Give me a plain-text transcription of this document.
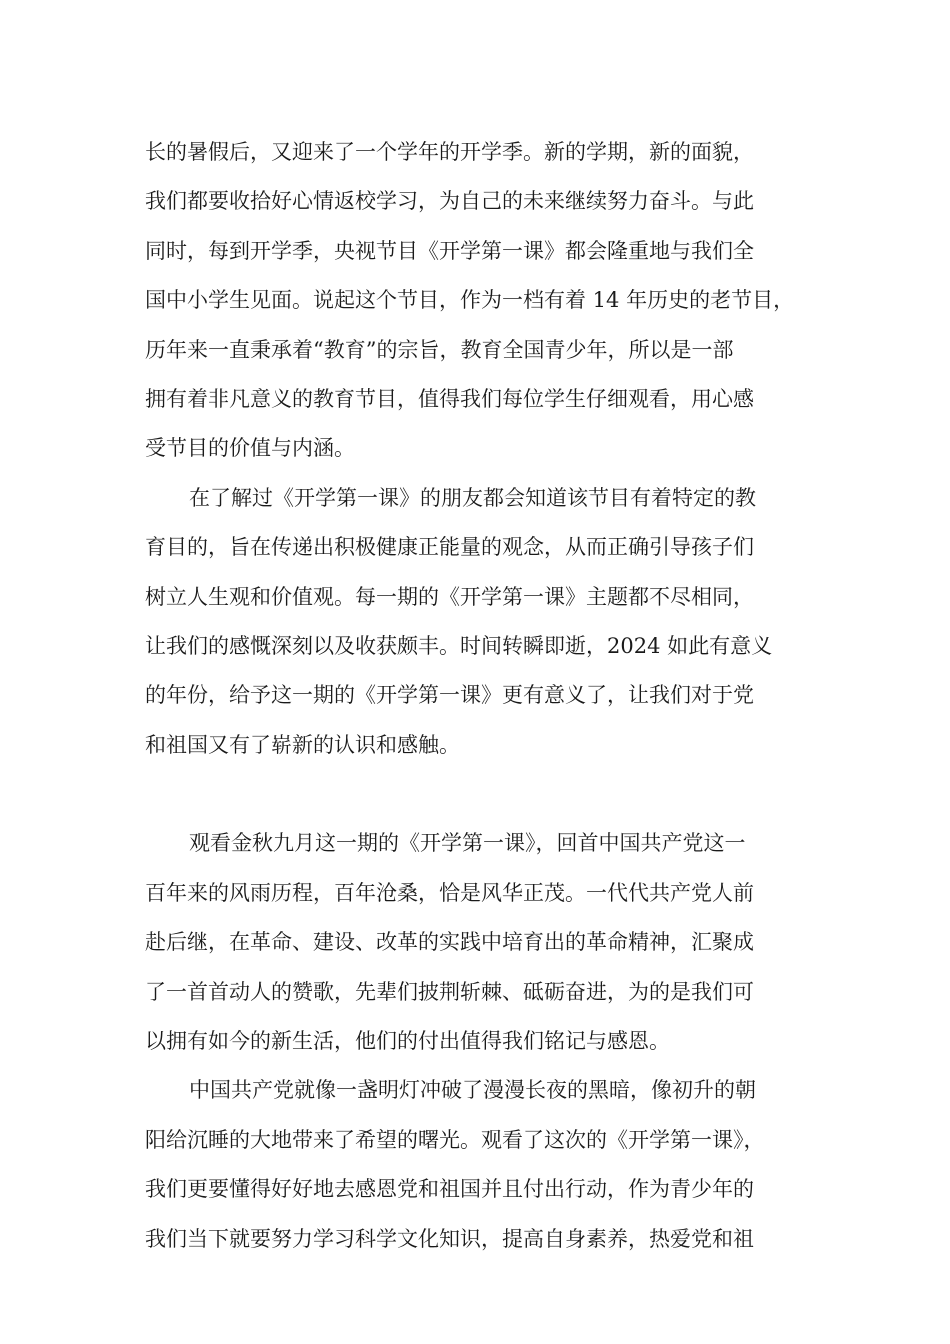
长的暑假后，又迎来了一个学年的开学季。新的学期，新的面貌，
我们都要收拾好心情返校学习，为自己的未来继续努力奋斗。与此
同时，每到开学季，央视节目《开学第一课》都会隆重地与我们全
国中小学生见面。说起这个节目，作为一档有着 14 年历史的老节目，
历年来一直秉承着“教育”的宗旨，教育全国青少年，所以是一部
拥有着非凡意义的教育节目，值得我们每位学生仔细观看，用心感
受节目的价值与内涵。
在了解过《开学第一课》的朋友都会知道该节目有着特定的教
育目的，旨在传递出积极健康正能量的观念，从而正确引导孩子们
树立人生观和价值观。每一期的《开学第一课》主题都不尽相同，
让我们的感慨深刻以及收获颇丰。时间转瞬即逝，2024 如此有意义
的年份，给予这一期的《开学第一课》更有意义了，让我们对于党
和祖国又有了崭新的认识和感触。
观看金秋九月这一期的《开学第一课》，回首中国共产党这一
百年来的风雨历程，百年沧桑，恰是风华正茂。一代代共产党人前
赴后继，在革命、建设、改革的实践中培育出的革命精神，汇聚成
了一首首动人的赞歌，先辈们披荆斩棘、砥砺奋进，为的是我们可
以拥有如今的新生活，他们的付出值得我们铭记与感恩。
中国共产党就像一盏明灯冲破了漫漫长夜的黑暗，像初升的朝
阳给沉睡的大地带来了希望的曙光。观看了这次的《开学第一课》，
我们更要懂得好好地去感恩党和祖国并且付出行动，作为青少年的
我们当下就要努力学习科学文化知识，提高自身素养，热爱党和祖
